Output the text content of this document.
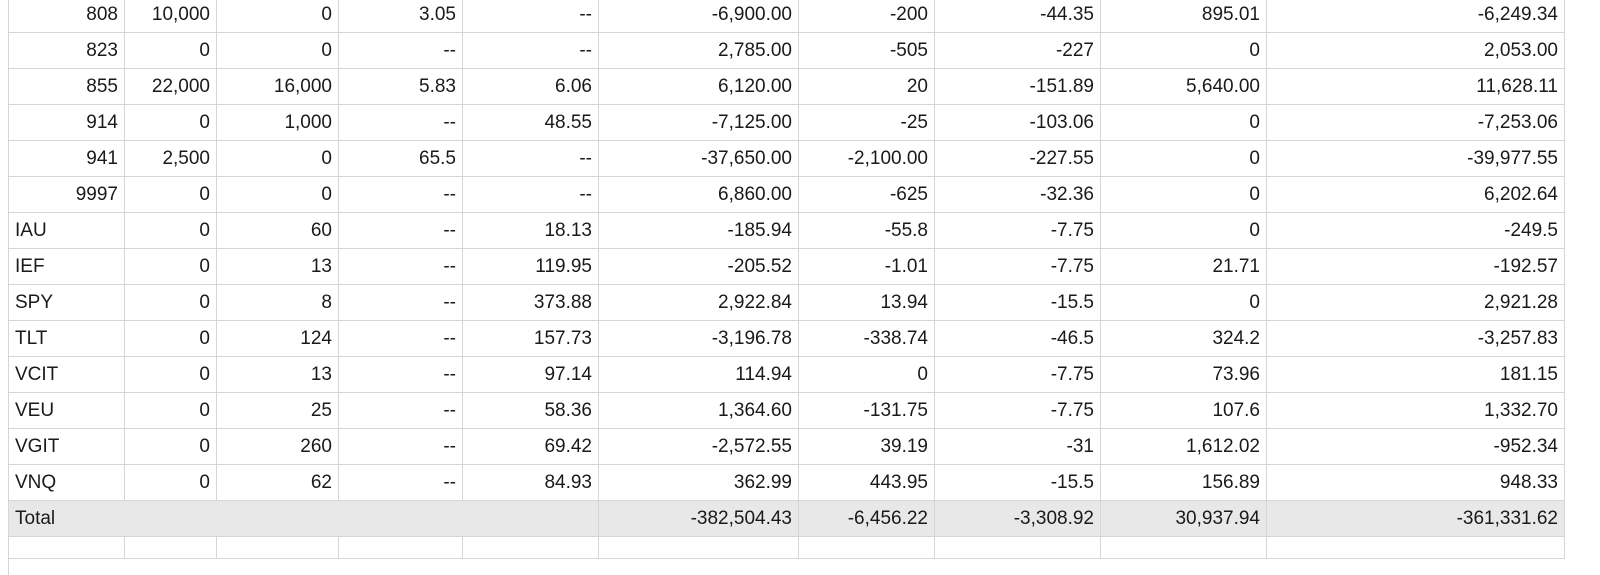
808	10,000	0	3.05	--	-6,900.00	-200	-44.35	895.01	-6,249.34
823	0	0	--	--	2,785.00	-505	-227	0	2,053.00
855	22,000	16,000	5.83	6.06	6,120.00	20	-151.89	5,640.00	11,628.11
914	0	1,000	--	48.55	-7,125.00	-25	-103.06	0	-7,253.06
941	2,500	0	65.5	--	-37,650.00	-2,100.00	-227.55	0	-39,977.55
9997	0	0	--	--	6,860.00	-625	-32.36	0	6,202.64
IAU	0	60	--	18.13	-185.94	-55.8	-7.75	0	-249.5
IEF	0	13	--	119.95	-205.52	-1.01	-7.75	21.71	-192.57
SPY	0	8	--	373.88	2,922.84	13.94	-15.5	0	2,921.28
TLT	0	124	--	157.73	-3,196.78	-338.74	-46.5	324.2	-3,257.83
VCIT	0	13	--	97.14	114.94	0	-7.75	73.96	181.15
VEU	0	25	--	58.36	1,364.60	-131.75	-7.75	107.6	1,332.70
VGIT	0	260	--	69.42	-2,572.55	39.19	-31	1,612.02	-952.34
VNQ	0	62	--	84.93	362.99	443.95	-15.5	156.89	948.33
Total					-382,504.43	-6,456.22	-3,308.92	30,937.94	-361,331.62
